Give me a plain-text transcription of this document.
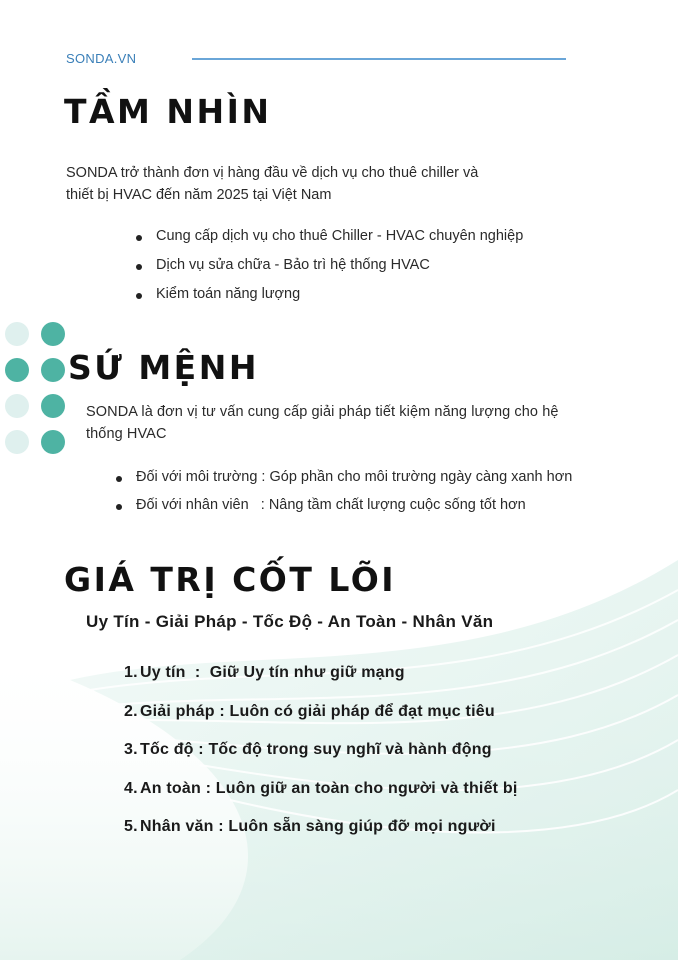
SONDA.VN
TẦM NHÌN

SONDA trở thành đơn vị hàng đầu về dịch vụ cho thuê chiller và
thiết bị HVAC đến năm 2025 tại Việt Nam

Cung cấp dịch vụ cho thuê Chiller - HVAC chuyên nghiệp
Dịch vụ sửa chữa - Bảo trì hệ thống HVAC
Kiểm toán năng lượng
SỨ MỆNH

SONDA là đơn vị tư vấn cung cấp giải pháp tiết kiệm năng lượng cho hệ
thống HVAC

Đối với môi trường : Góp phần cho môi trường ngày càng xanh hơn
Đối với nhân viên   : Nâng tầm chất lượng cuộc sống tốt hơn
GIÁ TRỊ CỐT LÕI
Uy Tín - Giải Pháp - Tốc Độ - An Toàn - Nhân Văn
1. Uy tín  :  Giữ Uy tín như giữ mạng
2. Giải pháp : Luôn có giải pháp để đạt mục tiêu
3. Tốc độ : Tốc độ trong suy nghĩ và hành động
4. An toàn : Luôn giữ an toàn cho người và thiết bị
5. Nhân văn : Luôn sẵn sàng giúp đỡ mọi người
